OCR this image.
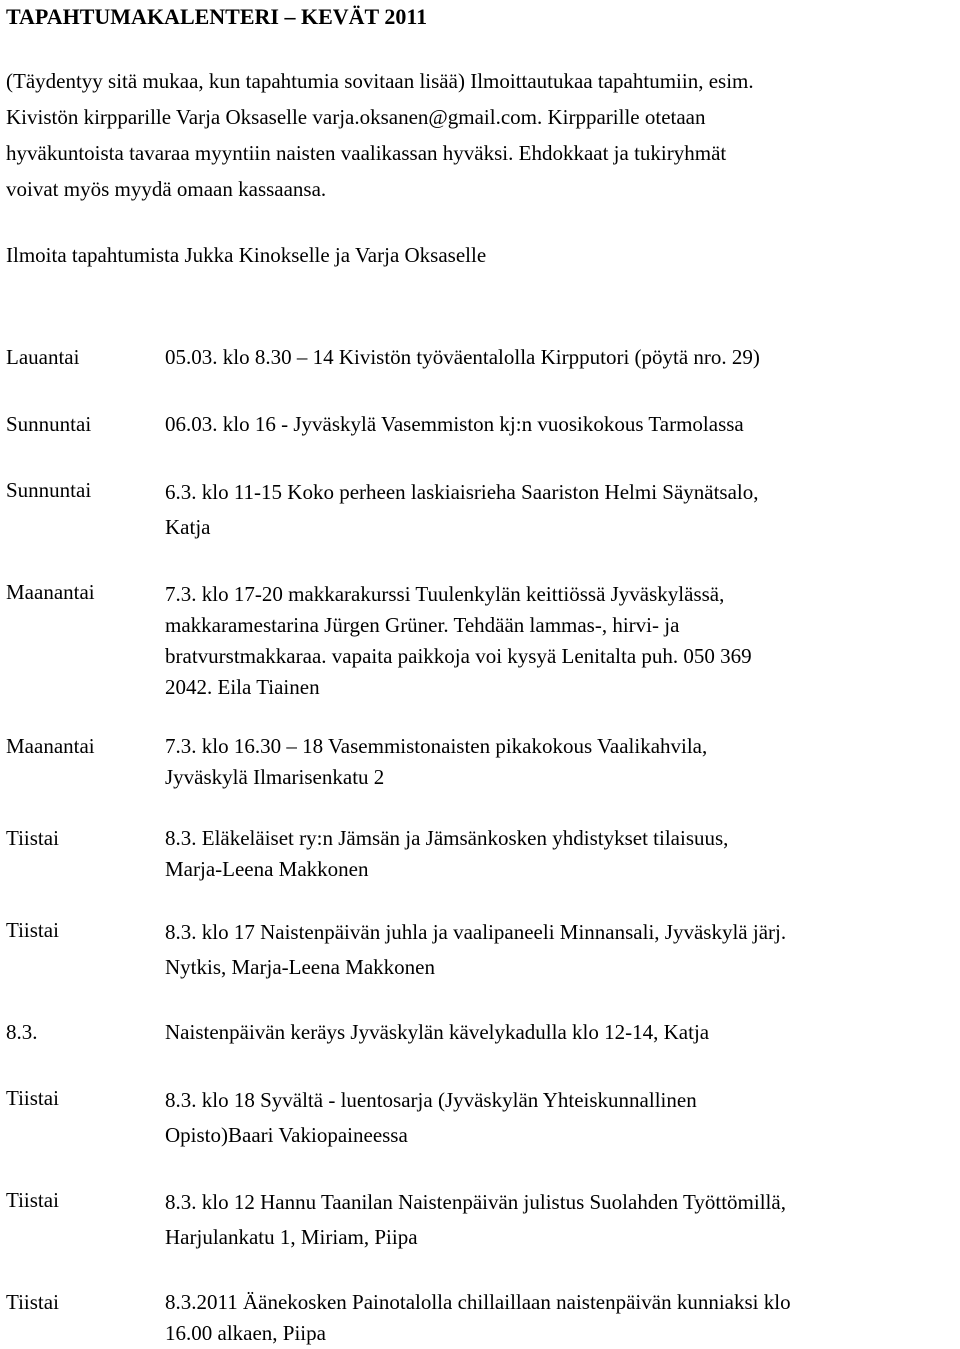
TAPAHTUMAKALENTERI – KEVÄT 2011
(Täydentyy sitä mukaa, kun tapahtumia sovitaan lisää) Ilmoittautukaa tapahtumiin, esim.
Kivistön kirpparille Varja Oksaselle varja.oksanen@gmail.com. Kirpparille otetaan
hyväkuntoista tavaraa myyntiin naisten vaalikassan hyväksi. Ehdokkaat ja tukiryhmät
voivat myös myydä omaan kassaansa.
Ilmoita tapahtumista Jukka Kinokselle ja Varja Oksaselle
Lauantai	05.03. klo 8.30 – 14 Kivistön työväentalolla Kirpputori (pöytä nro. 29)
Sunnuntai	06.03. klo 16 - Jyväskylä Vasemmiston kj:n vuosikokous Tarmolassa
Sunnuntai	6.3. klo 11-15 Koko perheen laskiaisrieha Saariston Helmi Säynätsalo,
Katja
Maanantai	7.3. klo 17-20 makkarakurssi Tuulenkylän keittiössä Jyväskylässä,
makkaramestarina Jürgen Grüner. Tehdään lammas-, hirvi- ja
bratvurstmakkaraa. vapaita paikkoja voi kysyä Lenitalta puh. 050 369
2042. Eila Tiainen
Maanantai	7.3. klo 16.30 – 18 Vasemmistonaisten pikakokous Vaalikahvila,
Jyväskylä Ilmarisenkatu 2
Tiistai	8.3. Eläkeläiset ry:n Jämsän ja Jämsänkosken yhdistykset tilaisuus,
Marja-Leena Makkonen
Tiistai	8.3. klo 17 Naistenpäivän juhla ja vaalipaneeli Minnansali, Jyväskylä järj.
Nytkis, Marja-Leena Makkonen
8.3.	Naistenpäivän keräys Jyväskylän kävelykadulla klo 12-14, Katja
Tiistai	8.3. klo 18 Syvältä - luentosarja (Jyväskylän Yhteiskunnallinen
Opisto)Baari Vakiopaineessa
Tiistai	8.3. klo 12 Hannu Taanilan Naistenpäivän julistus Suolahden Työttömillä,
Harjulankatu 1, Miriam, Piipa
Tiistai	8.3.2011 Äänekosken Painotalolla chillaillaan naistenpäivän kunniaksi klo
16.00 alkaen, Piipa
